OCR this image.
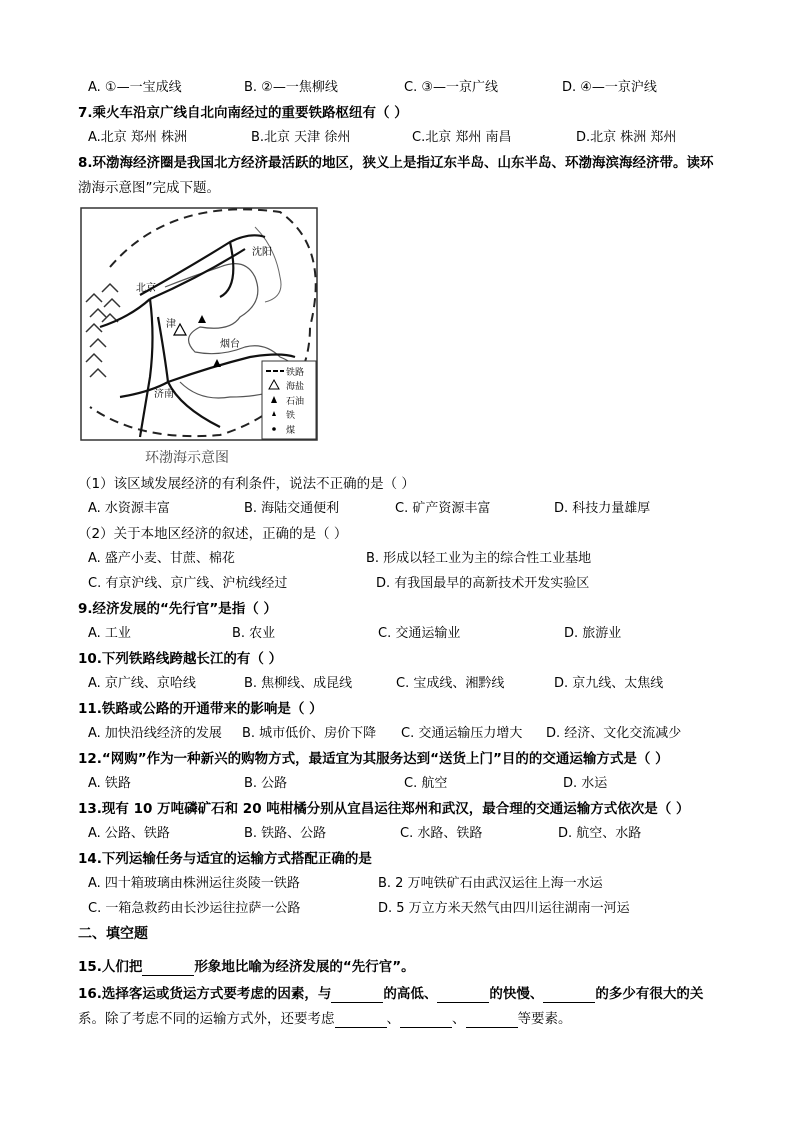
A. ①—一宝成线	B. ②—一焦柳线	C. ③—一京广线	D. ④—一京沪线
7.乘火车沿京广线自北向南经过的重要铁路枢纽有（ ）
A.北京 郑州 株洲	B.北京 天津 徐州	C.北京 郑州 南昌	D.北京 株洲 郑州
8.环渤海经济圈是我国北方经济最活跃的地区，狭义上是指辽东半岛、山东半岛、环渤海滨海经济带。读环
渤海示意图”完成下题。
沈阳
北京
津
烟台
济南
铁路
海盐
石油
铁
煤
环渤海示意图
（1）该区域发展经济的有利条件，说法不正确的是（ ）
A. 水资源丰富	B. 海陆交通便利	C. 矿产资源丰富	D. 科技力量雄厚
（2）关于本地区经济的叙述，正确的是（ ）
A. 盛产小麦、甘蔗、棉花	B. 形成以轻工业为主的综合性工业基地
C. 有京沪线、京广线、沪杭线经过	D. 有我国最早的高新技术开发实验区
9.经济发展的“先行官”是指（ ）
A. 工业	B. 农业	C. 交通运输业	D. 旅游业
10.下列铁路线跨越长江的有（ ）
A. 京广线、京哈线	B. 焦柳线、成昆线	C. 宝成线、湘黔线	D. 京九线、太焦线
11.铁路或公路的开通带来的影响是（ ）
A. 加快沿线经济的发展 B. 城市低价、房价下降 C. 交通运输压力增大 D. 经济、文化交流减少
12.“网购”作为一种新兴的购物方式，最适宜为其服务达到“送货上门”目的的交通运输方式是（ ）
A. 铁路	B. 公路	C. 航空	D. 水运
13.现有 10 万吨磷矿石和 20 吨柑橘分别从宜昌运往郑州和武汉，最合理的交通运输方式依次是（ ）
A. 公路、铁路	B. 铁路、公路	C. 水路、铁路	D. 航空、水路
14.下列运输任务与适宜的运输方式搭配正确的是
A. 四十箱玻璃由株洲运往炎陵一铁路	B. 2 万吨铁矿石由武汉运往上海一水运
C. 一箱急救药由长沙运往拉萨一公路	D. 5 万立方米天然气由四川运往湖南一河运
二、填空题
15.人们把	形象地比喻为经济发展的“先行官”。
16.选择客运或货运方式要考虑的因素，与	的高低、	的快慢、	的多少有很大的关
系。除了考虑不同的运输方式外，还要考虑	、	、	等要素。
